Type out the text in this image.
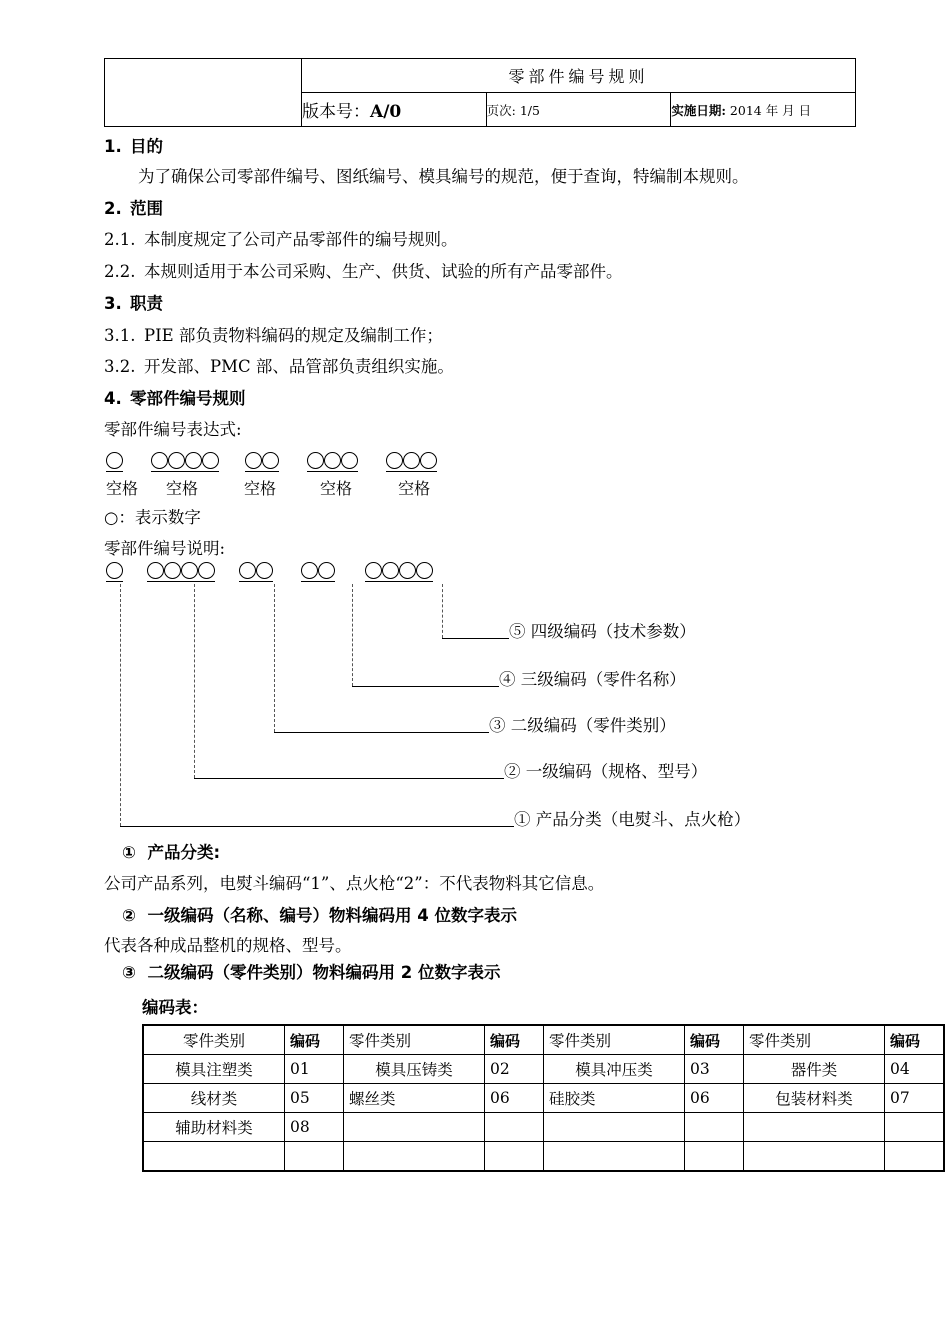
	零部件编号规则		
	版本号：A/0	页次: 1/5	实施日期: 2014 年 月 日
1. 目的
为了确保公司零部件编号、图纸编号、模具编号的规范，便于查询，特编制本规则。
2. 范围
2.1. 本制度规定了公司产品零部件的编号规则。
2.2. 本规则适用于本公司采购、生产、供货、试验的所有产品零部件。
3. 职责
3.1. PIE 部负责物料编码的规定及编制工作；
3.2. 开发部、PMC 部、品管部负责组织实施。
4. 零部件编号规则
零部件编号表达式:
空格 空格	空格	空格	空格
○：表示数字
零部件编号说明:
⑤ 四级编码（技术参数）
④ 三级编码（零件名称）
③ 二级编码（零件类别）
② 一级编码（规格、型号）
① 产品分类（电熨斗、点火枪）
① 产品分类:
公司产品系列，电熨斗编码“1”、点火枪“2”：不代表物料其它信息。
② 一级编码（名称、编号）物料编码用 4 位数字表示
代表各种成品整机的规格、型号。
③ 二级编码（零件类别）物料编码用 2 位数字表示
编码表：
零件类别	编码	零件类别	编码	零件类别	编码	零件类别	编码
模具注塑类	01	模具压铸类	02	模具冲压类	03	器件类	04
线材类	05	螺丝类	06	硅胶类	06	包装材料类	07
辅助材料类	08						
